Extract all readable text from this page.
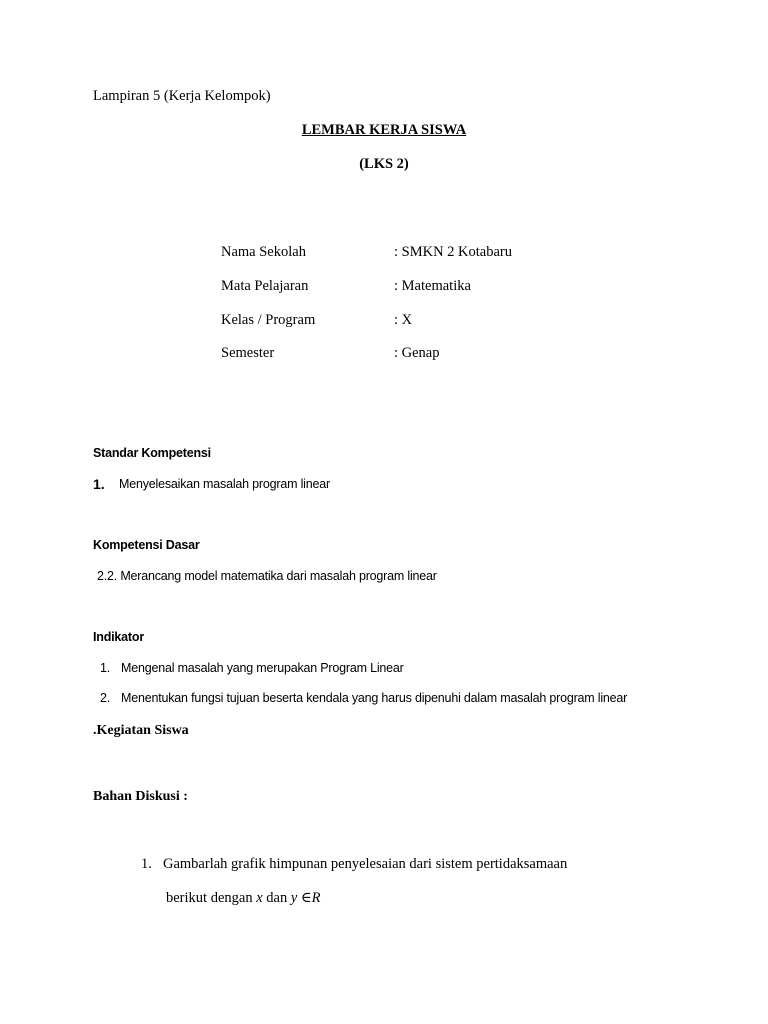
Lampiran 5 (Kerja Kelompok)
LEMBAR KERJA SISWA
(LKS 2)
Nama Sekolah	: SMKN 2 Kotabaru
Mata Pelajaran	: Matematika
Kelas / Program	: X
Semester	: Genap
Standar Kompetensi
1. Menyelesaikan masalah program linear
Kompetensi Dasar
2.2. Merancang model matematika dari masalah program linear
Indikator
1. Mengenal masalah yang merupakan Program Linear
2. Menentukan fungsi tujuan beserta kendala yang harus dipenuhi dalam masalah program linear
.Kegiatan Siswa
Bahan Diskusi :
1. Gambarlah grafik himpunan penyelesaian dari sistem pertidaksamaan
berikut dengan x dan y ∈R
